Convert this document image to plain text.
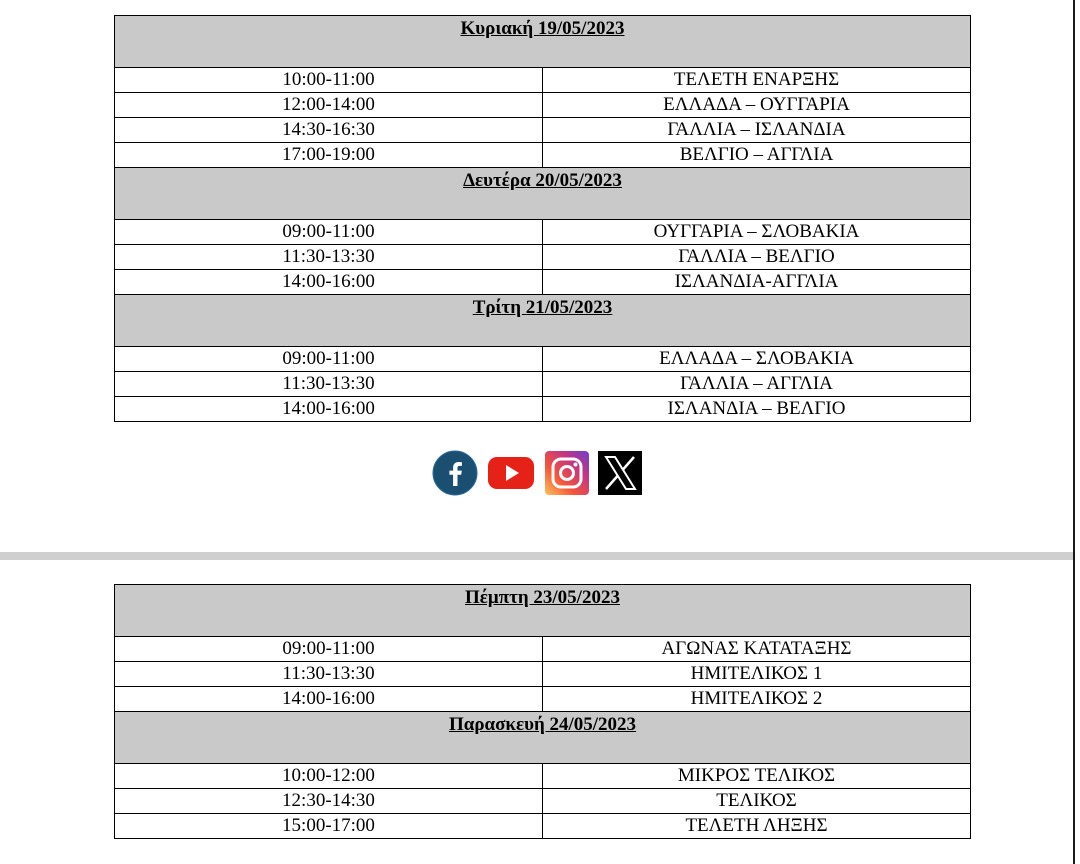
Κυριακή 19/05/2023	
10:00-11:00	ΤΕΛΕΤΗ ΕΝΑΡΞΗΣ
12:00-14:00	ΕΛΛΑΔΑ – ΟΥΓΓΑΡΙΑ
14:30-16:30	ΓΑΛΛΙΑ – ΙΣΛΑΝΔΙΑ
17:00-19:00	ΒΕΛΓΙΟ – ΑΓΓΛΙΑ
Δευτέρα 20/05/2023	
09:00-11:00	ΟΥΓΓΑΡΙΑ – ΣΛΟΒΑΚΙΑ
11:30-13:30	ΓΑΛΛΙΑ – ΒΕΛΓΙΟ
14:00-16:00	ΙΣΛΑΝΔΙΑ-ΑΓΓΛΙΑ
Τρίτη 21/05/2023	
09:00-11:00	ΕΛΛΑΔΑ – ΣΛΟΒΑΚΙΑ
11:30-13:30	ΓΑΛΛΙΑ – ΑΓΓΛΙΑ
14:00-16:00	ΙΣΛΑΝΔΙΑ – ΒΕΛΓΙΟ
Πέμπτη 23/05/2023	
09:00-11:00	ΑΓΩΝΑΣ ΚΑΤΑΤΑΞΗΣ
11:30-13:30	ΗΜΙΤΕΛΙΚΟΣ 1
14:00-16:00	ΗΜΙΤΕΛΙΚΟΣ 2
Παρασκευή 24/05/2023	
10:00-12:00	ΜΙΚΡΟΣ ΤΕΛΙΚΟΣ
12:30-14:30	ΤΕΛΙΚΟΣ
15:00-17:00	ΤΕΛΕΤΗ ΛΗΞΗΣ
